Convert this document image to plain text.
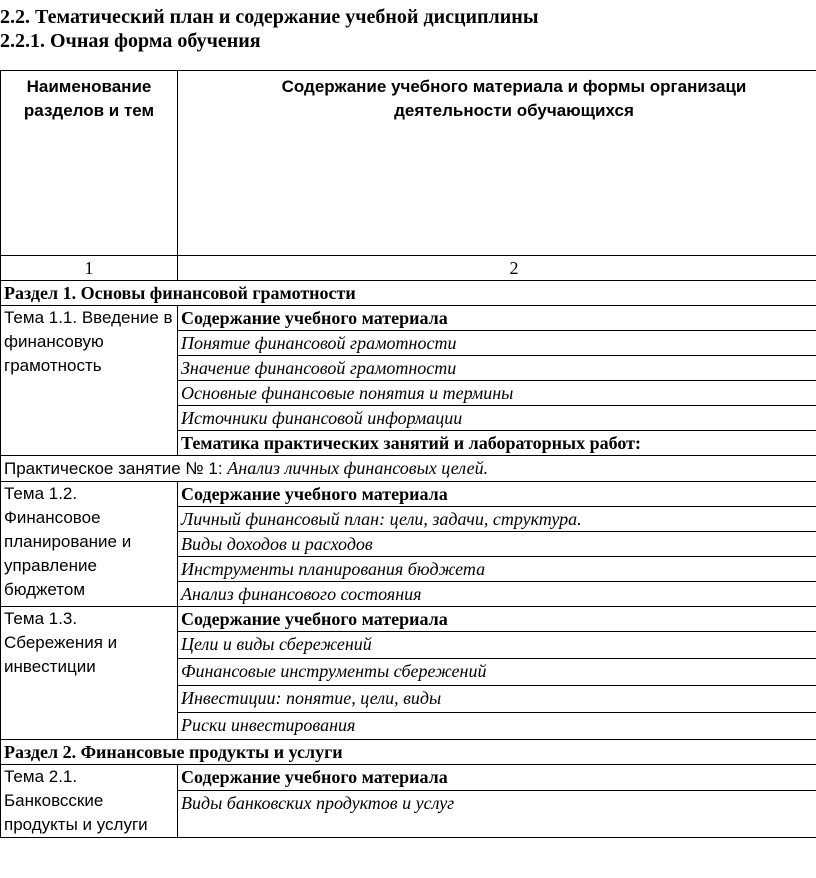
2.2. Тематический план и содержание учебной дисциплины
2.2.1. Очная форма обучения
Наименование разделов и тем	Содержание учебного материала и формы организаци
деятельности обучающихся

1	2
Раздел 1. Основы финансовой грамотности	
Тема 1.1. Введение в финансовую грамотность	Содержание учебного материала
	Понятие финансовой грамотности
	Значение финансовой грамотности
	Основные финансовые понятия и термины
	Источники финансовой информации
	Тематика практических занятий и лабораторных работ:
Практическое занятие № 1: Анализ личных финансовых целей.	
Тема 1.2. Финансовое планирование и управление бюджетом	Содержание учебного материала
	Личный финансовый план: цели, задачи, структура.
	Виды доходов и расходов
	Инструменты планирования бюджета
	Анализ финансового состояния
Тема 1.3. Сбережения и инвестиции	Содержание учебного материала
	Цели и виды сбережений
	Финансовые инструменты сбережений
	Инвестиции: понятие, цели, виды
	Риски инвестирования
Раздел 2. Финансовые продукты и услуги	
Тема 2.1. Банковсские продукты и услуги	Содержание учебного материала
	Виды банковских продуктов и услуг
